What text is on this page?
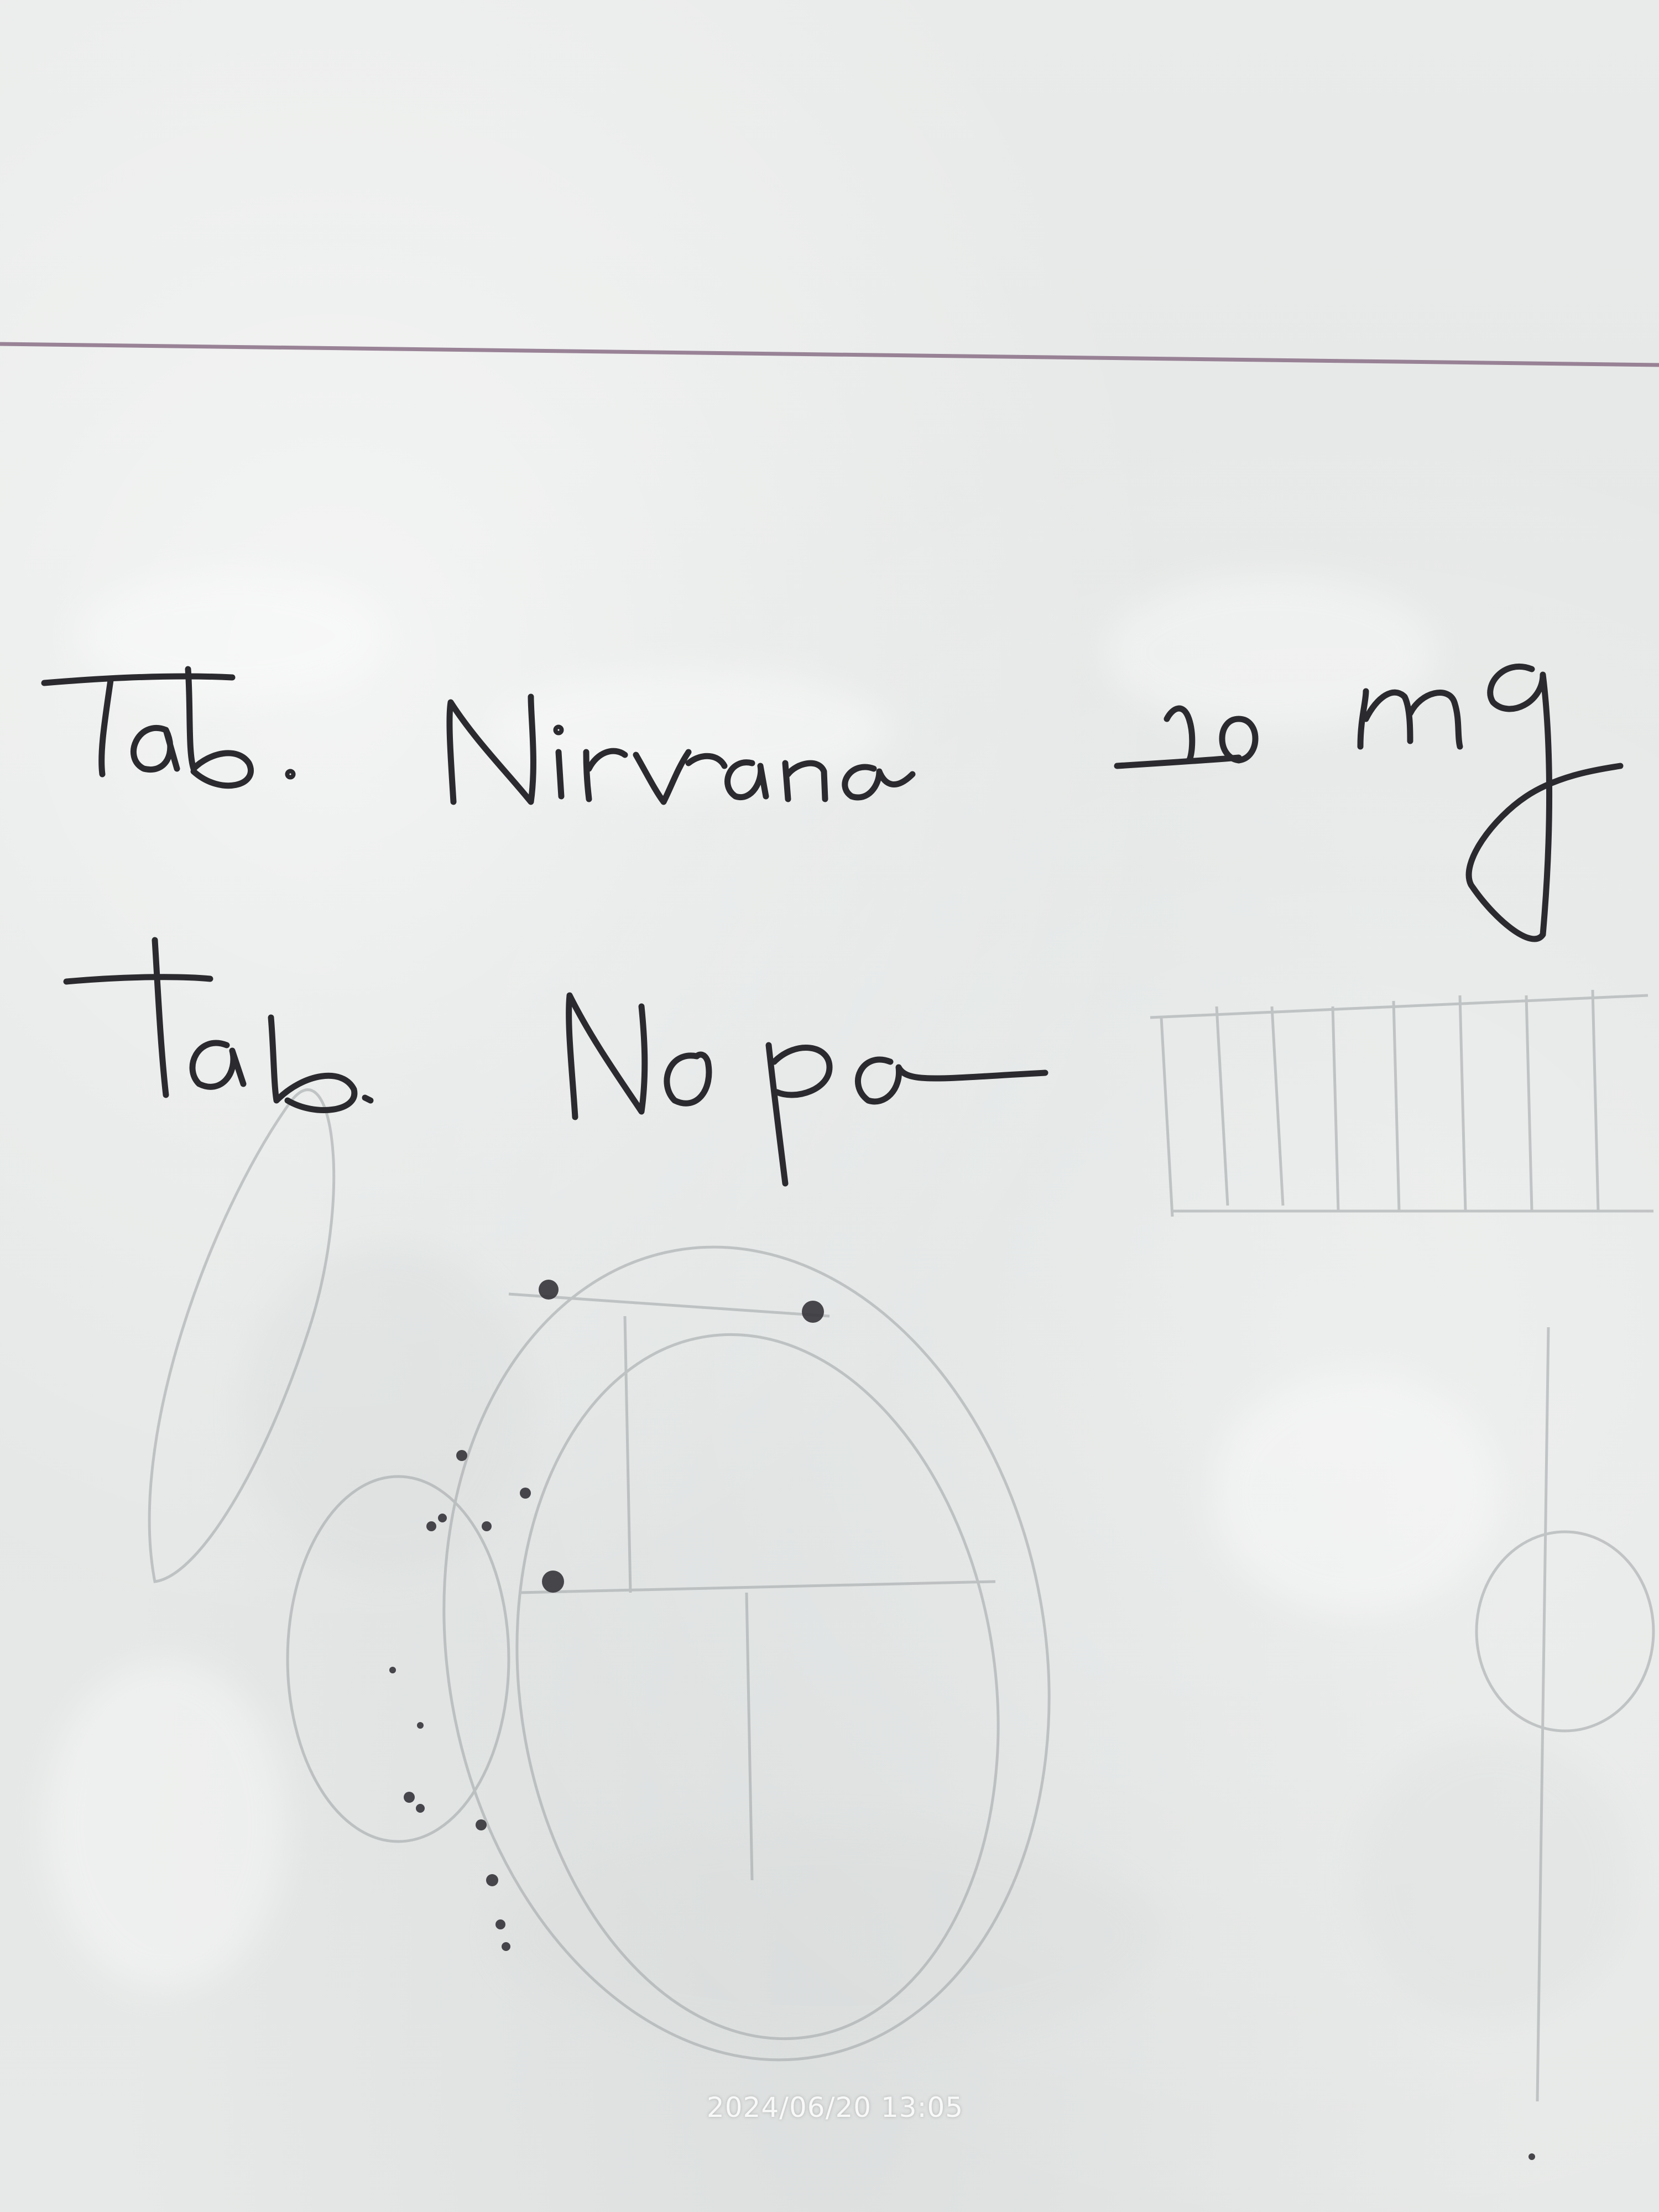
2024/06/20 13:05
